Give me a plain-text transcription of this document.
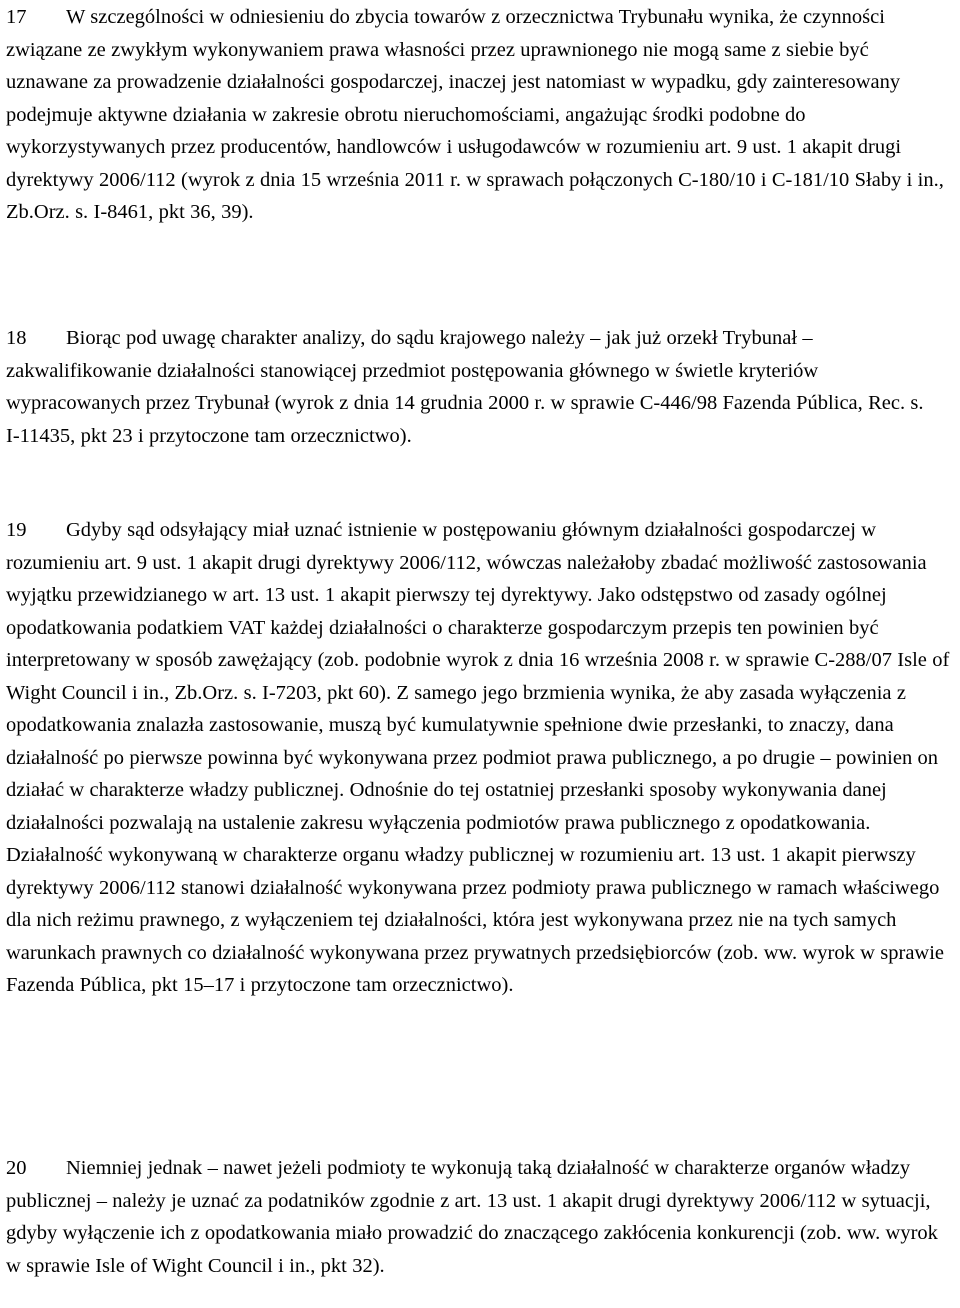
17 W szczególności w odniesieniu do zbycia towarów z orzecznictwa Trybunału wynika, że czynności związane ze zwykłym wykonywaniem prawa własności przez uprawnionego nie mogą same z siebie być uznawane za prowadzenie działalności gospodarczej, inaczej jest natomiast w wypadku, gdy zainteresowany podejmuje aktywne działania w zakresie obrotu nieruchomościami, angażując środki podobne do wykorzystywanych przez producentów, handlowców i usługodawców w rozumieniu art. 9 ust. 1 akapit drugi dyrektywy 2006/112 (wyrok z dnia 15 września 2011 r. w sprawach połączonych C‑180/10 i C‑181/10 Słaby i in., Zb.Orz. s. I‑8461, pkt 36, 39).

18 Biorąc pod uwagę charakter analizy, do sądu krajowego należy – jak już orzekł Trybunał – zakwalifikowanie działalności stanowiącej przedmiot postępowania głównego w świetle kryteriów wypracowanych przez Trybunał (wyrok z dnia 14 grudnia 2000 r. w sprawie C‑446/98 Fazenda Pública, Rec. s. I‑11435, pkt 23 i przytoczone tam orzecznictwo).

19 Gdyby sąd odsyłający miał uznać istnienie w postępowaniu głównym działalności gospodarczej w rozumieniu art. 9 ust. 1 akapit drugi dyrektywy 2006/112, wówczas należałoby zbadać możliwość zastosowania wyjątku przewidzianego w art. 13 ust. 1 akapit pierwszy tej dyrektywy. Jako odstępstwo od zasady ogólnej opodatkowania podatkiem VAT każdej działalności o charakterze gospodarczym przepis ten powinien być interpretowany w sposób zawężający (zob. podobnie wyrok z dnia 16 września 2008 r. w sprawie C‑288/07 Isle of Wight Council i in., Zb.Orz. s. I‑7203, pkt 60). Z samego jego brzmienia wynika, że aby zasada wyłączenia z opodatkowania znalazła zastosowanie, muszą być kumulatywnie spełnione dwie przesłanki, to znaczy, dana działalność po pierwsze powinna być wykonywana przez podmiot prawa publicznego, a po drugie – powinien on działać w charakterze władzy publicznej. Odnośnie do tej ostatniej przesłanki sposoby wykonywania danej działalności pozwalają na ustalenie zakresu wyłączenia podmiotów prawa publicznego z opodatkowania. Działalność wykonywaną w charakterze organu władzy publicznej w rozumieniu art. 13 ust. 1 akapit pierwszy dyrektywy 2006/112 stanowi działalność wykonywana przez podmioty prawa publicznego w ramach właściwego dla nich reżimu prawnego, z wyłączeniem tej działalności, która jest wykonywana przez nie na tych samych warunkach prawnych co działalność wykonywana przez prywatnych przedsiębiorców (zob. ww. wyrok w sprawie Fazenda Pública, pkt 15–17 i przytoczone tam orzecznictwo).

20 Niemniej jednak – nawet jeżeli podmioty te wykonują taką działalność w charakterze organów władzy publicznej – należy je uznać za podatników zgodnie z art. 13 ust. 1 akapit drugi dyrektywy 2006/112 w sytuacji, gdyby wyłączenie ich z opodatkowania miało prowadzić do znaczącego zakłócenia konkurencji (zob. ww. wyrok w sprawie Isle of Wight Council i in., pkt 32).
